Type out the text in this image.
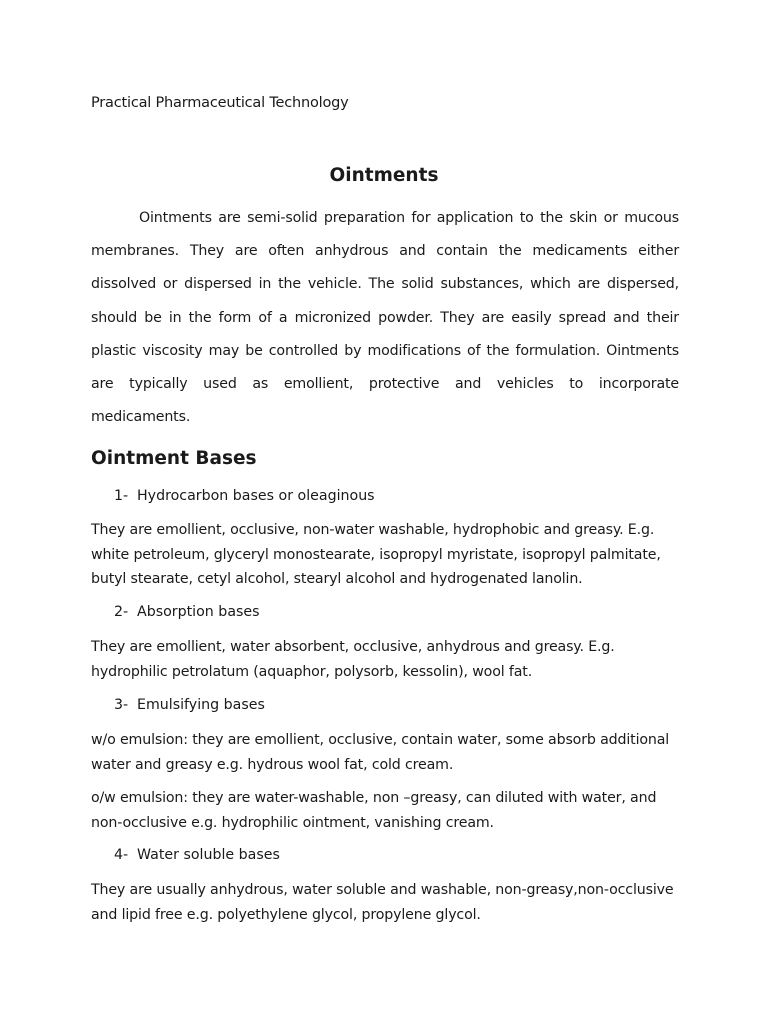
Practical Pharmaceutical Technology
Ointments

Ointments are semi-solid preparation for application to the skin or mucous membranes. They are often anhydrous and contain the medicaments either dissolved or dispersed in the vehicle. The solid substances, which are dispersed, should be in the form of a micronized powder. They are easily spread and their plastic viscosity may be controlled by modifications of the formulation. Ointments are typically used as emollient, protective and vehicles to incorporate medicaments.

Ointment Bases
1- Hydrocarbon bases or oleaginous

They are emollient, occlusive, non-water washable, hydrophobic and greasy. E.g. white petroleum, glyceryl monostearate, isopropyl myristate, isopropyl palmitate, butyl stearate, cetyl alcohol, stearyl alcohol and hydrogenated lanolin.

2- Absorption bases

They are emollient, water absorbent, occlusive, anhydrous and greasy. E.g. hydrophilic petrolatum (aquaphor, polysorb, kessolin), wool fat.

3- Emulsifying bases

w/o emulsion: they are emollient, occlusive, contain water, some absorb additional water and greasy e.g. hydrous wool fat, cold cream.

o/w emulsion: they are water-washable, non –greasy, can diluted with water, and non-occlusive e.g. hydrophilic ointment, vanishing cream.

4- Water soluble bases

They are usually anhydrous, water soluble and washable, non-greasy,non-occlusive and lipid free e.g. polyethylene glycol, propylene glycol.
